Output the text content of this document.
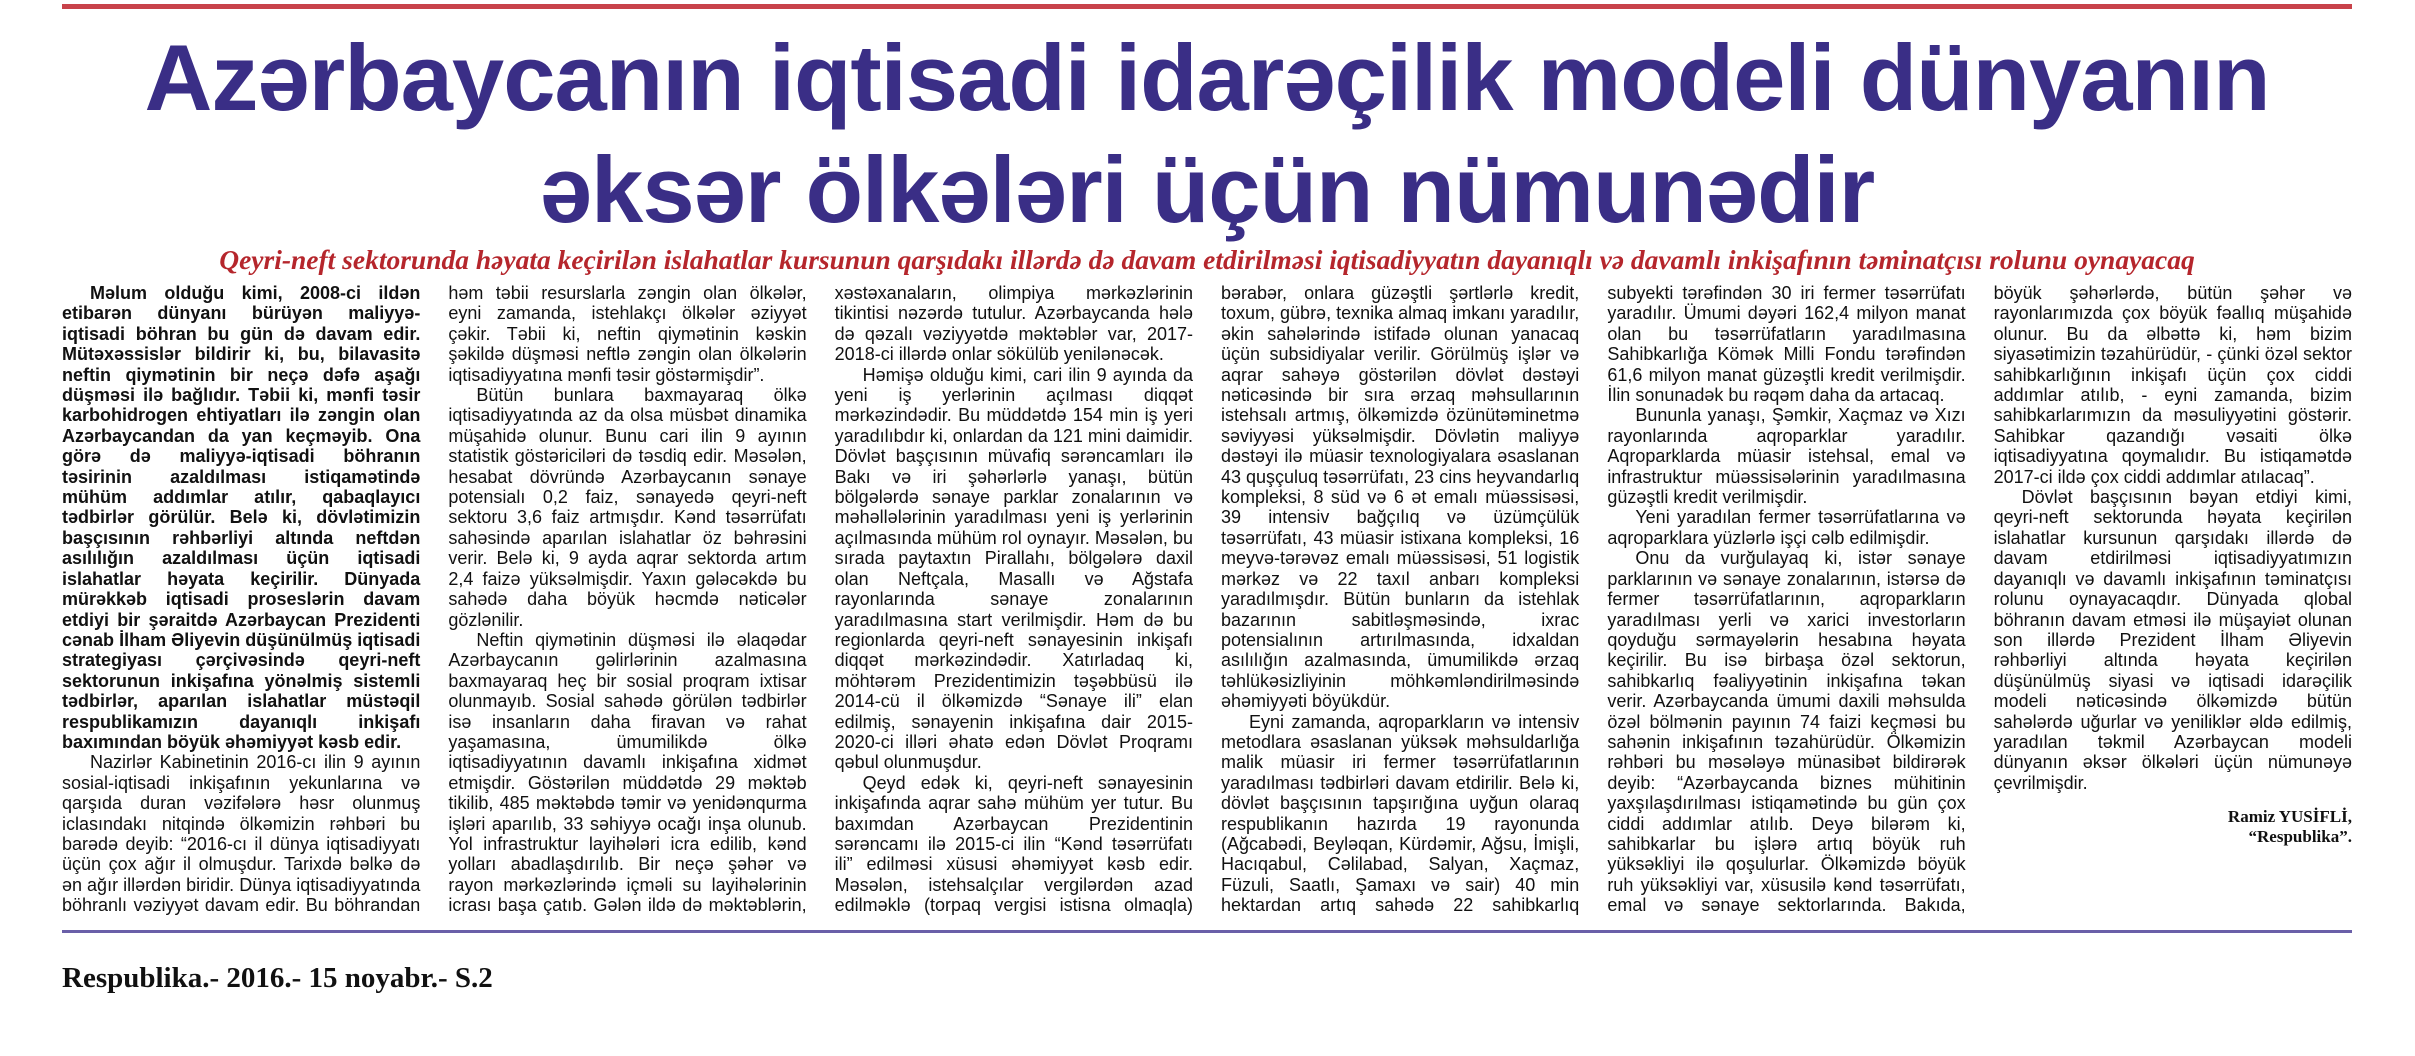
Azərbaycanın iqtisadi idarəçilik modeli dünyanın əksər ölkələri üçün nümunədir
Qeyri-neft sektorunda həyata keçirilən islahatlar kursunun qarşıdakı illərdə də davam etdirilməsi iqtisadiyyatın dayanıqlı və davamlı inkişafının təminatçısı rolunu oynayacaq

Məlum olduğu kimi, 2008-ci ildən etibarən dünyanı bürüyən maliyyə-iqtisadi böhran bu gün də davam edir. Mütəxəssislər bildirir ki, bu, bilavasitə neftin qiymətinin bir neçə dəfə aşağı düşməsi ilə bağlıdır. Təbii ki, mənfi təsir karbohidrogen ehtiyatları ilə zəngin olan Azərbaycandan da yan keçməyib. Ona görə də maliyyə-iqtisadi böhranın təsirinin azaldılması istiqamətində mühüm addımlar atılır, qabaqlayıcı tədbirlər görülür. Belə ki, dövlətimizin başçısının rəhbərliyi altında neftdən asılılığın azaldılması üçün iqtisadi islahatlar həyata keçirilir. Dünyada mürəkkəb iqtisadi proseslərin davam etdiyi bir şəraitdə Azərbaycan Prezidenti cənab İlham Əliyevin düşünülmüş iqtisadi strategiyası çərçivəsində qeyri-neft sektorunun inkişafına yönəlmiş sistemli tədbirlər, aparılan islahatlar müstəqil respublikamızın dayanıqlı inkişafı baxımından böyük əhəmiyyət kəsb edir.

Nazirlər Kabinetinin 2016-cı ilin 9 ayının sosial-iqtisadi inkişafının yekunlarına və qarşıda duran vəzifələrə həsr olunmuş iclasındakı nitqində ölkəmizin rəhbəri bu barədə deyib: “2016-cı il dünya iqtisadiyyatı üçün çox ağır il olmuşdur. Tarixdə bəlkə də ən ağır illərdən biridir. Dünya iqtisadiyyatında böhranlı vəziyyət davam edir. Bu böhrandan həm təbii resurslarla zəngin olan ölkələr, eyni zamanda, istehlakçı ölkələr əziyyət çəkir. Təbii ki, neftin qiymətinin kəskin şəkildə düşməsi neftlə zəngin olan ölkələrin iqtisadiyyatına mənfi təsir göstərmişdir”.

Bütün bunlara baxmayaraq ölkə iqtisadiyyatında az da olsa müsbət dinamika müşahidə olunur. Bunu cari ilin 9 ayının statistik göstəriciləri də təsdiq edir. Məsələn, hesabat dövründə Azərbaycanın sənaye potensialı 0,2 faiz, sənayedə qeyri-neft sektoru 3,6 faiz artmışdır. Kənd təsərrüfatı sahəsində aparılan islahatlar öz bəhrəsini verir. Belə ki, 9 ayda aqrar sektorda artım 2,4 faizə yüksəlmişdir. Yaxın gələcəkdə bu sahədə daha böyük həcmdə nəticələr gözlənilir.

Neftin qiymətinin düşməsi ilə əlaqədar Azərbaycanın gəlirlərinin azalmasına baxmayaraq heç bir sosial proqram ixtisar olunmayıb. Sosial sahədə görülən tədbirlər isə insanların daha firavan və rahat yaşamasına, ümumilikdə ölkə iqtisadiyyatının davamlı inkişafına xidmət etmişdir. Göstərilən müddətdə 29 məktəb tikilib, 485 məktəbdə təmir və yenidənqurma işləri aparılıb, 33 səhiyyə ocağı inşa olunub. Yol infrastruktur layihələri icra edilib, kənd yolları abadlaşdırılıb. Bir neçə şəhər və rayon mərkəzlərində içməli su layihələrinin icrası başa çatıb. Gələn ildə də məktəblərin, xəstəxanaların, olimpiya mərkəzlərinin tikintisi nəzərdə tutulur. Azərbaycanda hələ də qəzalı vəziyyətdə məktəblər var, 2017-2018-ci illərdə onlar sökülüb yenilənəcək.

Həmişə olduğu kimi, cari ilin 9 ayında da yeni iş yerlərinin açılması diqqət mərkəzindədir. Bu müddətdə 154 min iş yeri yaradılıbdır ki, onlardan da 121 mini daimidir. Dövlət başçısının müvafiq sərəncamları ilə Bakı və iri şəhərlərlə yanaşı, bütün bölgələrdə sənaye parklar zonalarının və məhəllələrinin yaradılması yeni iş yerlərinin açılmasında mühüm rol oynayır. Məsələn, bu sırada paytaxtın Pirallahı, bölgələrə daxil olan Neftçala, Masallı və Ağstafa rayonlarında sənaye zonalarının yaradılmasına start verilmişdir. Həm də bu regionlarda qeyri-neft sənayesinin inkişafı diqqət mərkəzindədir. Xatırladaq ki, möhtərəm Prezidentimizin təşəbbüsü ilə 2014-cü il ölkəmizdə “Sənaye ili” elan edilmiş, sənayenin inkişafına dair 2015-2020-ci illəri əhatə edən Dövlət Proqramı qəbul olunmuşdur.

Qeyd edək ki, qeyri-neft sənayesinin inkişafında aqrar sahə mühüm yer tutur. Bu baxımdan Azərbaycan Prezidentinin sərəncamı ilə 2015-ci ilin “Kənd təsərrüfatı ili” edilməsi xüsusi əhəmiyyət kəsb edir. Məsələn, istehsalçılar vergilərdən azad edilməklə (torpaq vergisi istisna olmaqla) bərabər, onlara güzəştli şərtlərlə kredit, toxum, gübrə, texnika almaq imkanı yaradılır, əkin sahələrində istifadə olunan yanacaq üçün subsidiyalar verilir. Görülmüş işlər və aqrar sahəyə göstərilən dövlət dəstəyi nəticəsində bir sıra ərzaq məhsullarının istehsalı artmış, ölkəmizdə özünütəminetmə səviyyəsi yüksəlmişdir. Dövlətin maliyyə dəstəyi ilə müasir texnologiyalara əsaslanan 43 quşçuluq təsərrüfatı, 23 cins heyvandarlıq kompleksi, 8 süd və 6 ət emalı müəssisəsi, 39 intensiv bağçılıq və üzümçülük təsərrüfatı, 43 müasir istixana kompleksi, 16 meyvə-tərəvəz emalı müəssisəsi, 51 logistik mərkəz və 22 taxıl anbarı kompleksi yaradılmışdır. Bütün bunların da istehlak bazarının sabitləşməsində, ixrac potensialının artırılmasında, idxaldan asılılığın azalmasında, ümumilikdə ərzaq təhlükəsizliyinin möhkəmləndirilməsində əhəmiyyəti böyükdür.

Eyni zamanda, aqroparkların və intensiv metodlara əsaslanan yüksək məhsuldarlığa malik müasir iri fermer təsərrüfatlarının yaradılması tədbirləri davam etdirilir. Belə ki, dövlət başçısının tapşırığına uyğun olaraq respublikanın hazırda 19 rayonunda (Ağcabədi, Beyləqan, Kürdəmir, Ağsu, İmişli, Hacıqabul, Cəlilabad, Salyan, Xaçmaz, Füzuli, Saatlı, Şamaxı və sair) 40 min hektardan artıq sahədə 22 sahibkarlıq subyekti tərəfindən 30 iri fermer təsərrüfatı yaradılır. Ümumi dəyəri 162,4 milyon manat olan bu təsərrüfatların yaradılmasına Sahibkarlığa Kömək Milli Fondu tərəfindən 61,6 milyon manat güzəştli kredit verilmişdir. İlin sonunadək bu rəqəm daha da artacaq.

Bununla yanaşı, Şəmkir, Xaçmaz və Xızı rayonlarında aqroparklar yaradılır. Aqroparklarda müasir istehsal, emal və infrastruktur müəssisələrinin yaradılmasına güzəştli kredit verilmişdir.

Yeni yaradılan fermer təsərrüfatlarına və aqroparklara yüzlərlə işçi cəlb edilmişdir.

Onu da vurğulayaq ki, istər sənaye parklarının və sənaye zonalarının, istərsə də fermer təsərrüfatlarının, aqroparkların yaradılması yerli və xarici investorların qoyduğu sərmayələrin hesabına həyata keçirilir. Bu isə birbaşa özəl sektorun, sahibkarlıq fəaliyyətinin inkişafına təkan verir. Azərbaycanda ümumi daxili məhsulda özəl bölmənin payının 74 faizi keçməsi bu sahənin inkişafının təzahürüdür. Ölkəmizin rəhbəri bu məsələyə münasibət bildirərək deyib: “Azərbaycanda biznes mühitinin yaxşılaşdırılması istiqamətində bu gün çox ciddi addımlar atılıb. Deyə bilərəm ki, sahibkarlar bu işlərə artıq böyük ruh yüksəkliyi ilə qoşulurlar. Ölkəmizdə böyük ruh yüksəkliyi var, xüsusilə kənd təsərrüfatı, emal və sənaye sektorlarında. Bakıda, böyük şəhərlərdə, bütün şəhər və rayonlarımızda çox böyük fəallıq müşahidə olunur. Bu da əlbəttə ki, həm bizim siyasətimizin təzahürüdür, - çünki özəl sektor sahibkarlığının inkişafı üçün çox ciddi addımlar atılıb, - eyni zamanda, bizim sahibkarlarımızın da məsuliyyətini göstərir. Sahibkar qazandığı vəsaiti ölkə iqtisadiyyatına qoymalıdır. Bu istiqamətdə 2017-ci ildə çox ciddi addımlar atılacaq”.

Dövlət başçısının bəyan etdiyi kimi, qeyri-neft sektorunda həyata keçirilən islahatlar kursunun qarşıdakı illərdə də davam etdirilməsi iqtisadiyyatımızın dayanıqlı və davamlı inkişafının təminatçısı rolunu oynayacaqdır. Dünyada qlobal böhranın davam etməsi ilə müşayiət olunan son illərdə Prezident İlham Əliyevin rəhbərliyi altında həyata keçirilən düşünülmüş siyasi və iqtisadi idarəçilik modeli nəticəsində ölkəmizdə bütün sahələrdə uğurlar və yeniliklər əldə edilmiş, yaradılan təkmil Azərbaycan modeli dünyanın əksər ölkələri üçün nümunəyə çevrilmişdir.

Ramiz YUSİFLİ,
“Respublika”.
Respublika.- 2016.- 15 noyabr.- S.2
